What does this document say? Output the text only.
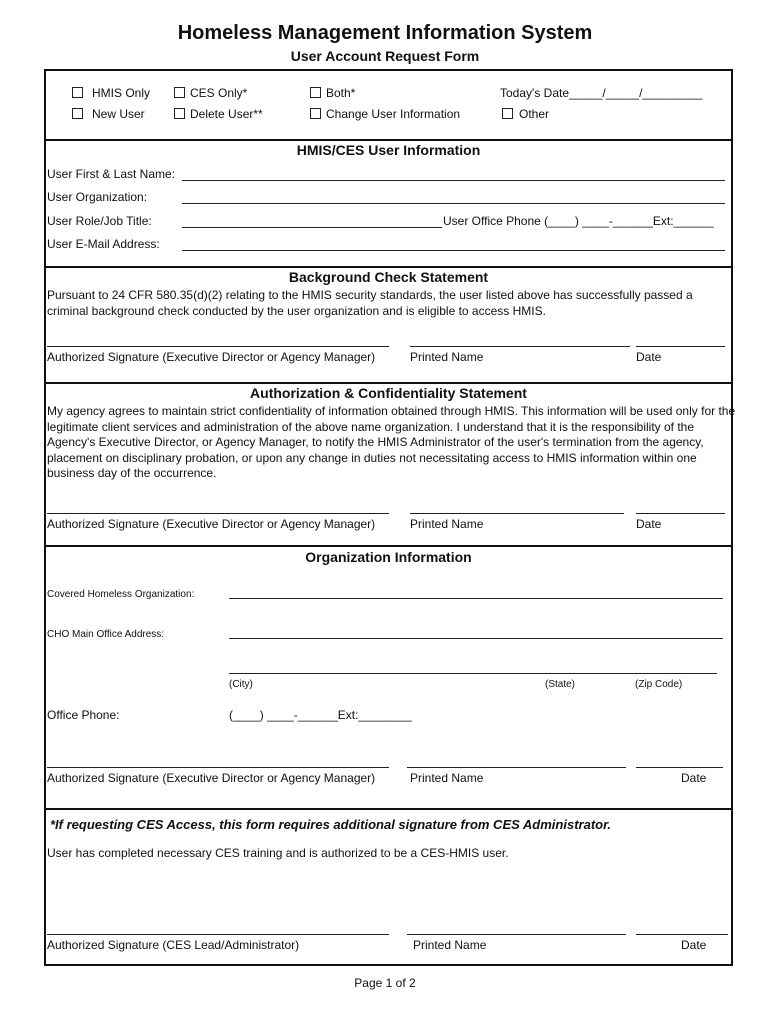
Homeless Management Information System
User Account Request Form
HMIS Only	CES Only*	Both*	Today's Date_____/_____/_________
New User	Delete User**	Change User Information	Other
HMIS/CES User Information
User First & Last Name:
User Organization:
User Role/Job Title:	User Office Phone (____) ____-______Ext:______
User E-Mail Address:
Background Check Statement
Pursuant to 24 CFR 580.35(d)(2) relating to the HMIS security standards, the user listed above has successfully passed a criminal background check conducted by the user organization and is eligible to access HMIS.
Authorized Signature (Executive Director or Agency Manager)	Printed Name	Date
Authorization & Confidentiality Statement
My agency agrees to maintain strict confidentiality of information obtained through HMIS. This information will be used only for the legitimate client services and administration of the above name organization. I understand that it is the responsibility of the Agency's Executive Director, or Agency Manager, to notify the HMIS Administrator of the user's termination from the agency, placement on disciplinary probation, or upon any change in duties not necessitating access to HMIS information within one business day of the occurrence.
Authorized Signature (Executive Director or Agency Manager)	Printed Name	Date
Organization Information
Covered Homeless Organization:
CHO Main Office Address:
(City)	(State)	(Zip Code)
Office Phone:	(____) ____-______Ext:________
Authorized Signature (Executive Director or Agency Manager)	Printed Name	Date
*If requesting CES Access, this form requires additional signature from CES Administrator.
User has completed necessary CES training and is authorized to be a CES-HMIS user.
Authorized Signature (CES Lead/Administrator)	Printed Name	Date
Page 1 of 2
